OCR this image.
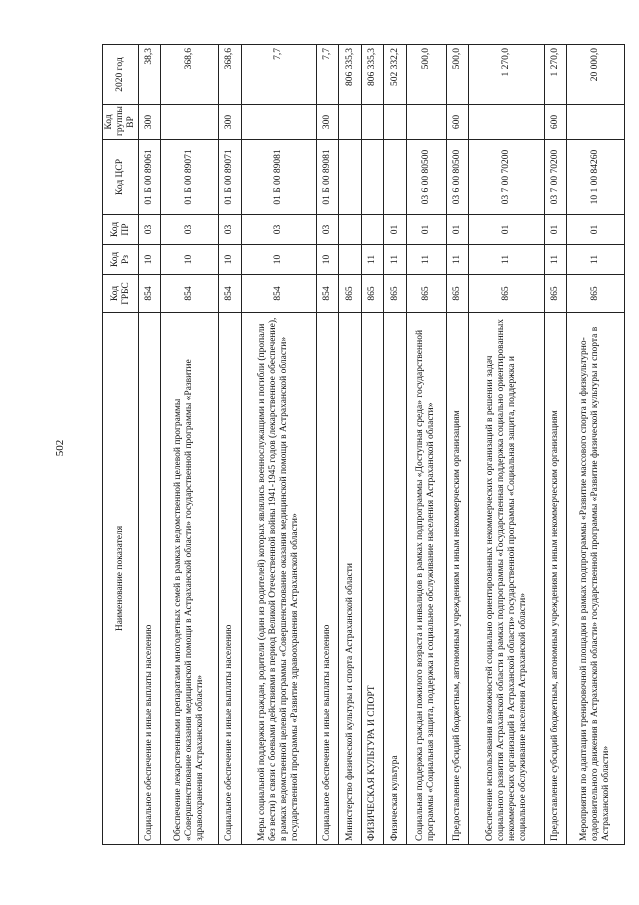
502
Наименование показателя	Код ГРБС	Код Рз	Код ПР	Код ЦСР	Код группы ВР	2020 год
Социальное обеспечение и иные выплаты населению	854	10	03	01 Б 00 89061	300	38,3
Обеспечение лекарственными препаратами многодетных семей в рамках ведомственной целевой программы «Совершенствование оказания медицинской помощи в Астраханской области» государственной программы «Развитие здравоохранения Астраханской области»	854	10	03	01 Б 00 89071		368,6
Социальное обеспечение и иные выплаты населению	854	10	03	01 Б 00 89071	300	368,6
Меры социальной поддержки граждан, родители (один из родителей) которых являлись военнослужащими и погибли (пропали без вести) в связи с боевыми действиями в период Великой Отечественной войны 1941-1945 годов (лекарственное обеспечение), в рамках ведомственной целевой программы «Совершенствование оказания медицинской помощи в Астраханской области» государственной программы «Развитие здравоохранения Астраханской области»	854	10	03	01 Б 00 89081		7,7
Социальное обеспечение и иные выплаты населению	854	10	03	01 Б 00 89081	300	7,7
Министерство физической культуры и спорта Астраханской области	865					806 335,3
ФИЗИЧЕСКАЯ КУЛЬТУРА И СПОРТ	865	11				806 335,3
Физическая культура	865	11	01			502 332,2
Социальная поддержка граждан пожилого возраста и инвалидов в рамках подпрограммы «Доступная среда» государственной программы «Социальная защита, поддержка и социальное обслуживание населения Астраханской области»	865	11	01	03 6 00 80500		500,0
Предоставление субсидий бюджетным, автономным учреждениям и иным некоммерческим организациям	865	11	01	03 6 00 80500	600	500,0
Обеспечение использования возможностей социально ориентированных некоммерческих организаций в решении задач социального развития Астраханской области в рамках подпрограммы «Государственная поддержка социально ориентированных некоммерческих организаций в Астраханской области» государственной программы «Социальная защита, поддержка и социальное обслуживание населения Астраханской области»	865	11	01	03 7 00 70200		1 270,0
Предоставление субсидий бюджетным, автономным учреждениям и иным некоммерческим организациям	865	11	01	03 7 00 70200	600	1 270,0
Мероприятия по адаптации тренировочной площадки в рамках подпрограммы «Развитие массового спорта и физкультурно-оздоровительного движения в Астраханской области» государственной программы «Развитие физической культуры и спорта в Астраханской области»	865	11	01	10 1 00 84260		20 000,0
